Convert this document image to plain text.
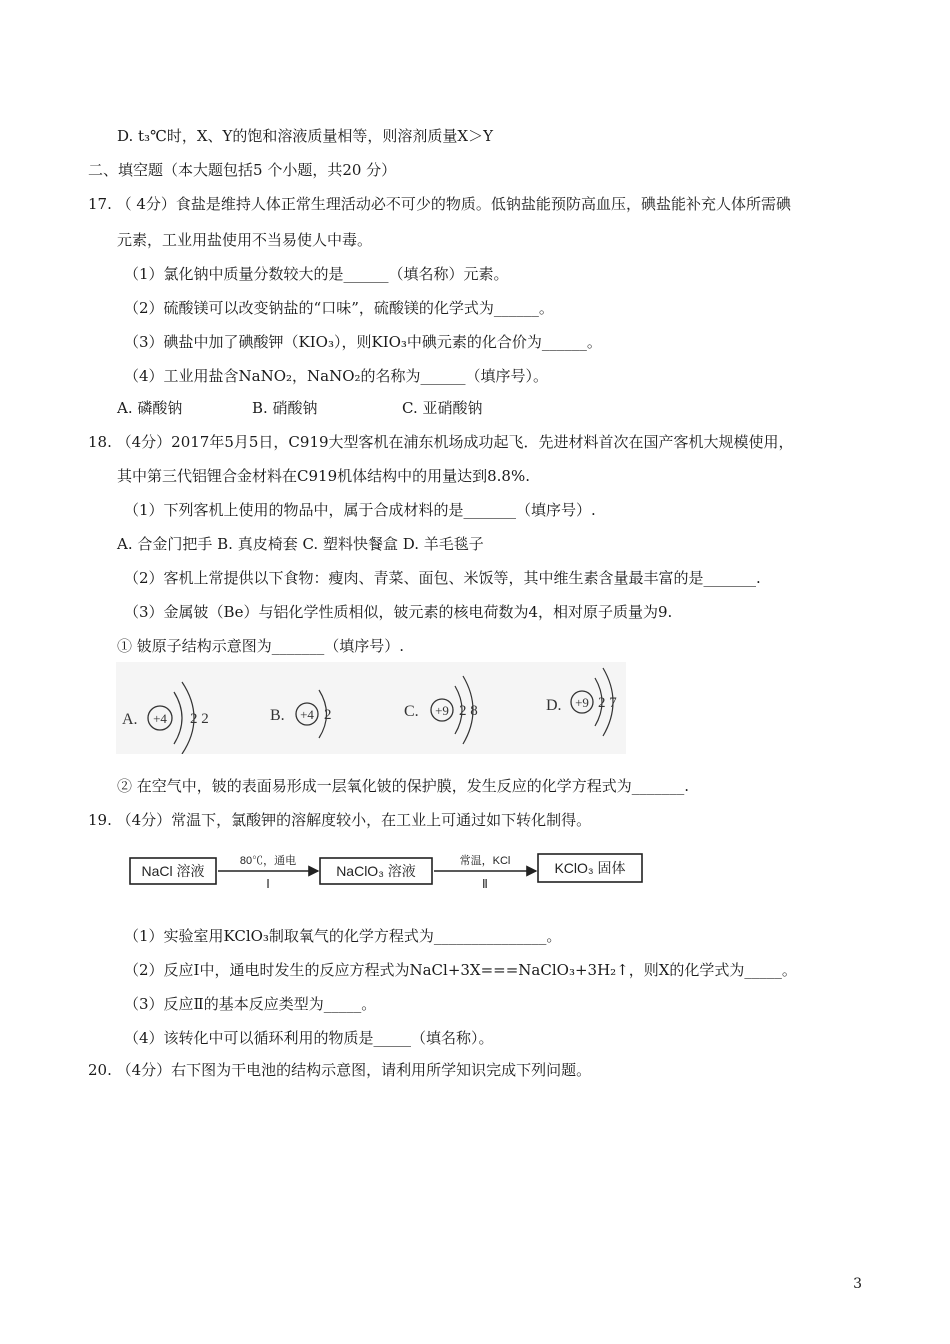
D. t₃℃时，X、Y的饱和溶液质量相等，则溶剂质量X＞Y
二、填空题（本大题包括5 个小题，共20 分）
17. （ 4分）食盐是维持人体正常生理活动必不可少的物质。低钠盐能预防高血压，碘盐能补充人体所需碘
元素，工业用盐使用不当易使人中毒。
（1）氯化钠中质量分数较大的是______（填名称）元素。
（2）硫酸镁可以改变钠盐的“口味”，硫酸镁的化学式为______。
（3）碘盐中加了碘酸钾（KIO₃），则KIO₃中碘元素的化合价为______。
（4）工业用盐含NaNO₂，NaNO₂的名称为______（填序号）。
A. 磷酸钠	B. 硝酸钠	C. 亚硝酸钠
18. （4分）2017年5月5日，C919大型客机在浦东机场成功起飞．先进材料首次在国产客机大规模使用，
其中第三代铝锂合金材料在C919机体结构中的用量达到8.8%.
（1）下列客机上使用的物品中，属于合成材料的是_______（填序号）.
A. 合金门把手 B. 真皮椅套 C. 塑料快餐盒 D. 羊毛毯子
（2）客机上常提供以下食物：瘦肉、青菜、面包、米饭等，其中维生素含量最丰富的是_______.
（3）金属铍（Be）与铝化学性质相似，铍元素的核电荷数为4，相对原子质量为9.
① 铍原子结构示意图为_______（填序号）.
A. +4 2 2	B. +4 2	C. +9 2 8	D. +9 2 7
② 在空气中，铍的表面易形成一层氧化铍的保护膜，发生反应的化学方程式为_______.
19. （4分）常温下，氯酸钾的溶解度较小，在工业上可通过如下转化制得。
NaCl 溶液
80℃，通电
Ⅰ
NaClO₃ 溶液
常温，KCl
Ⅱ
KClO₃ 固体
（1）实验室用KClO₃制取氧气的化学方程式为_______________。
（2）反应Ⅰ中，通电时发生的反应方程式为NaCl+3X===NaClO₃+3H₂↑，则X的化学式为_____。
（3）反应Ⅱ的基本反应类型为_____。
（4）该转化中可以循环利用的物质是_____（填名称）。
20. （4分）右下图为干电池的结构示意图，请利用所学知识完成下列问题。
3
